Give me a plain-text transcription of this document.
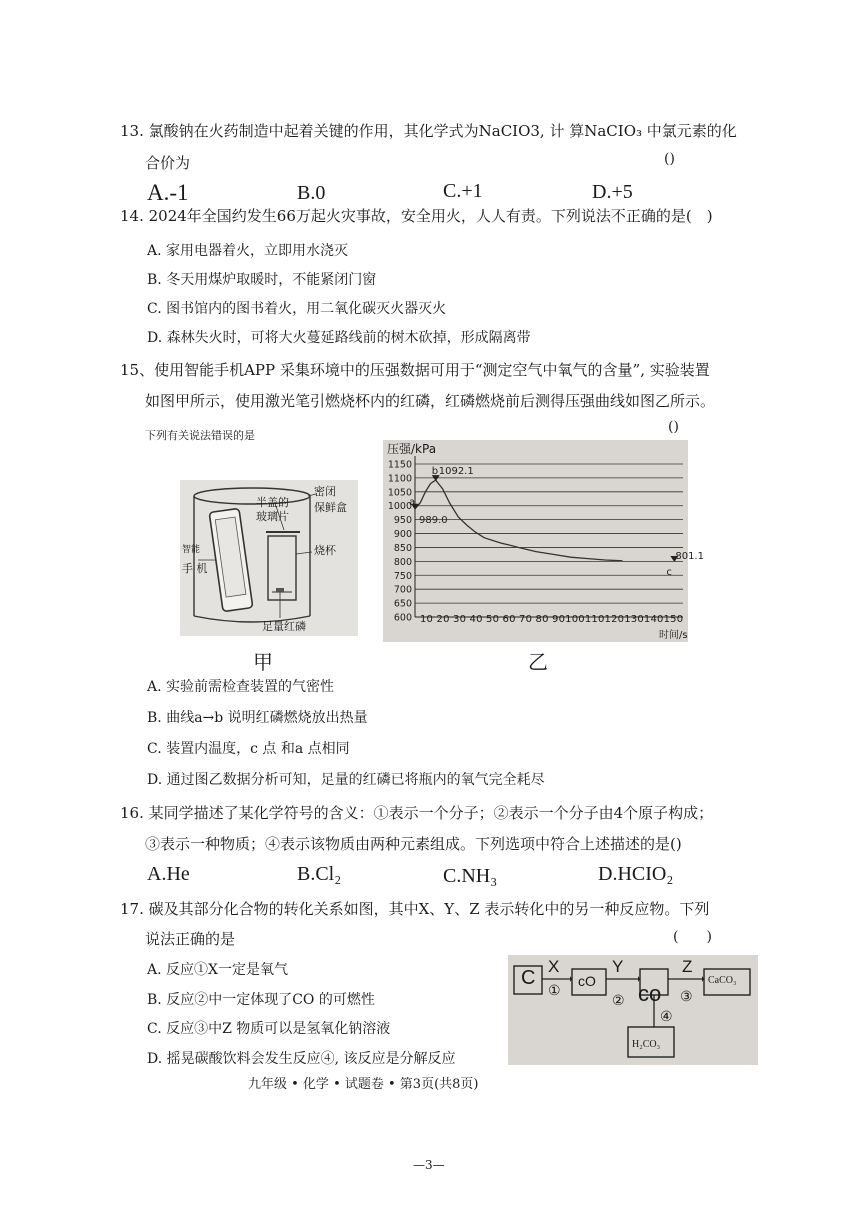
13. 氯酸钠在火药制造中起着关键的作用，其化学式为NaCIO3, 计 算NaCIO₃ 中氯元素的化
合价为	()
A.-1	B.0	C.+1	D.+5
14. 2024年全国约发生66万起火灾事故，安全用火，人人有责。下列说法不正确的是(　)
A. 家用电器着火，立即用水浇灭
B. 冬天用煤炉取暖时，不能紧闭门窗
C. 图书馆内的图书着火，用二氧化碳灭火器灭火
D. 森林失火时，可将大火蔓延路线前的树木砍掉，形成隔离带
15、使用智能手机APP 采集环境中的压强数据可用于“测定空气中氧气的含量”, 实验装置
如图甲所示，使用激光笔引燃烧杯内的红磷，红磷燃烧前后测得压强曲线如图乙所示。
下列有关说法错误的是
()
半盖的
玻璃片
密闭
保鲜盒
智能
手 机
烧杯
足量红磷
甲
600
650
700
750
800
850
900
950
1000
1050
1100
1150
a
989.0
b 1092.1
c
801.1
压强/kPa
时间/s
10 20 30 40 50 60 70 80 90100110120130140150
乙
A. 实验前需检查装置的气密性
B. 曲线a→b 说明红磷燃烧放出热量
C. 装置内温度，c 点 和a 点相同
D. 通过图乙数据分析可知，足量的红磷已将瓶内的氧气完全耗尽
16. 某同学描述了某化学符号的含义：①表示一个分子；②表示一个分子由4个原子构成；
③表示一种物质；④表示该物质由两种元素组成。下列选项中符合上述描述的是()
A.He	B.Cl₂	C.NH₃	D.HCIO₂
17. 碳及其部分化合物的转化关系如图，其中X、Y、Z 表示转化中的另一种反应物。下列
说法正确的是	(　　)
A. 反应①X一定是氧气
B. 反应②中一定体现了CO 的可燃性
C. 反应③中Z 物质可以是氢氧化钠溶液
D. 摇晃碳酸饮料会发生反应④, 该反应是分解反应
C
X	Y	Z
cO co
CaCO₃
H₂CO₃
①
②	③
④
九年级 • 化学 • 试题卷 • 第3页(共8页)
—3—
